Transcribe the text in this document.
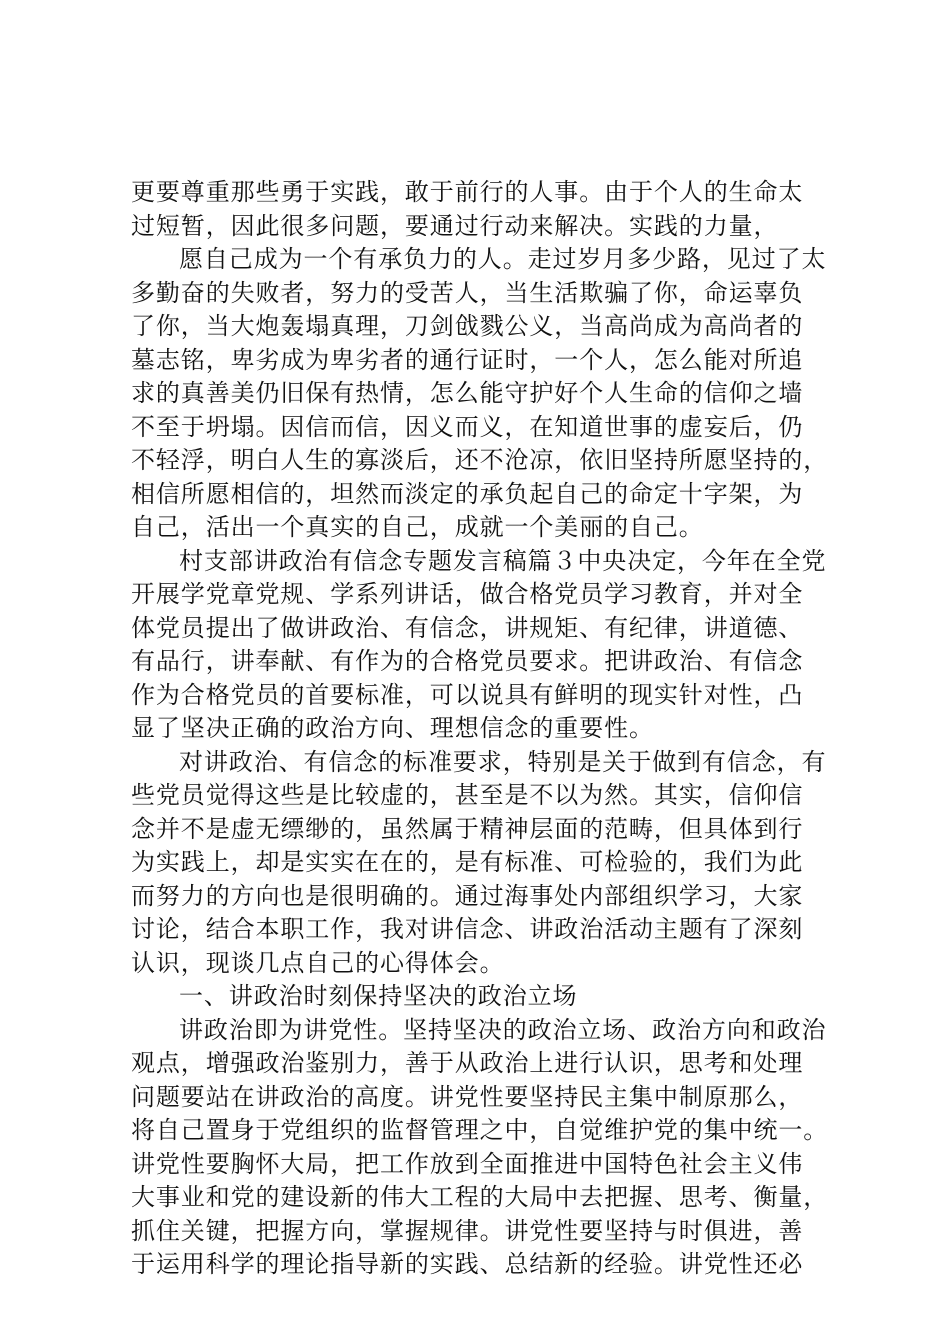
更要尊重那些勇于实践，敢于前行的人事。由于个人的生命太
过短暂，因此很多问题，要通过行动来解决。实践的力量，
愿自己成为一个有承负力的人。走过岁月多少路，见过了太
多勤奋的失败者，努力的受苦人，当生活欺骗了你，命运辜负
了你，当大炮轰塌真理，刀剑戗戮公义，当高尚成为高尚者的
墓志铭，卑劣成为卑劣者的通行证时，一个人，怎么能对所追
求的真善美仍旧保有热情，怎么能守护好个人生命的信仰之墙
不至于坍塌。因信而信，因义而义，在知道世事的虚妄后，仍
不轻浮，明白人生的寡淡后，还不沧凉，依旧坚持所愿坚持的，
相信所愿相信的，坦然而淡定的承负起自己的命定十字架，为
自己，活出一个真实的自己，成就一个美丽的自己。
村支部讲政治有信念专题发言稿篇３中央决定，今年在全党
开展学党章党规、学系列讲话，做合格党员学习教育，并对全
体党员提出了做讲政治、有信念，讲规矩、有纪律，讲道德、
有品行，讲奉献、有作为的合格党员要求。把讲政治、有信念
作为合格党员的首要标准，可以说具有鲜明的现实针对性，凸
显了坚决正确的政治方向、理想信念的重要性。
对讲政治、有信念的标准要求，特别是关于做到有信念，有
些党员觉得这些是比较虚的，甚至是不以为然。其实，信仰信
念并不是虚无缥缈的，虽然属于精神层面的范畴，但具体到行
为实践上，却是实实在在的，是有标准、可检验的，我们为此
而努力的方向也是很明确的。通过海事处内部组织学习，大家
讨论，结合本职工作，我对讲信念、讲政治活动主题有了深刻
认识，现谈几点自己的心得体会。
一、讲政治时刻保持坚决的政治立场
讲政治即为讲党性。坚持坚决的政治立场、政治方向和政治
观点，增强政治鉴别力，善于从政治上进行认识，思考和处理
问题要站在讲政治的高度。讲党性要坚持民主集中制原那么，
将自己置身于党组织的监督管理之中，自觉维护党的集中统一。
讲党性要胸怀大局，把工作放到全面推进中国特色社会主义伟
大事业和党的建设新的伟大工程的大局中去把握、思考、衡量，
抓住关键，把握方向，掌握规律。讲党性要坚持与时俱进，善
于运用科学的理论指导新的实践、总结新的经验。讲党性还必
